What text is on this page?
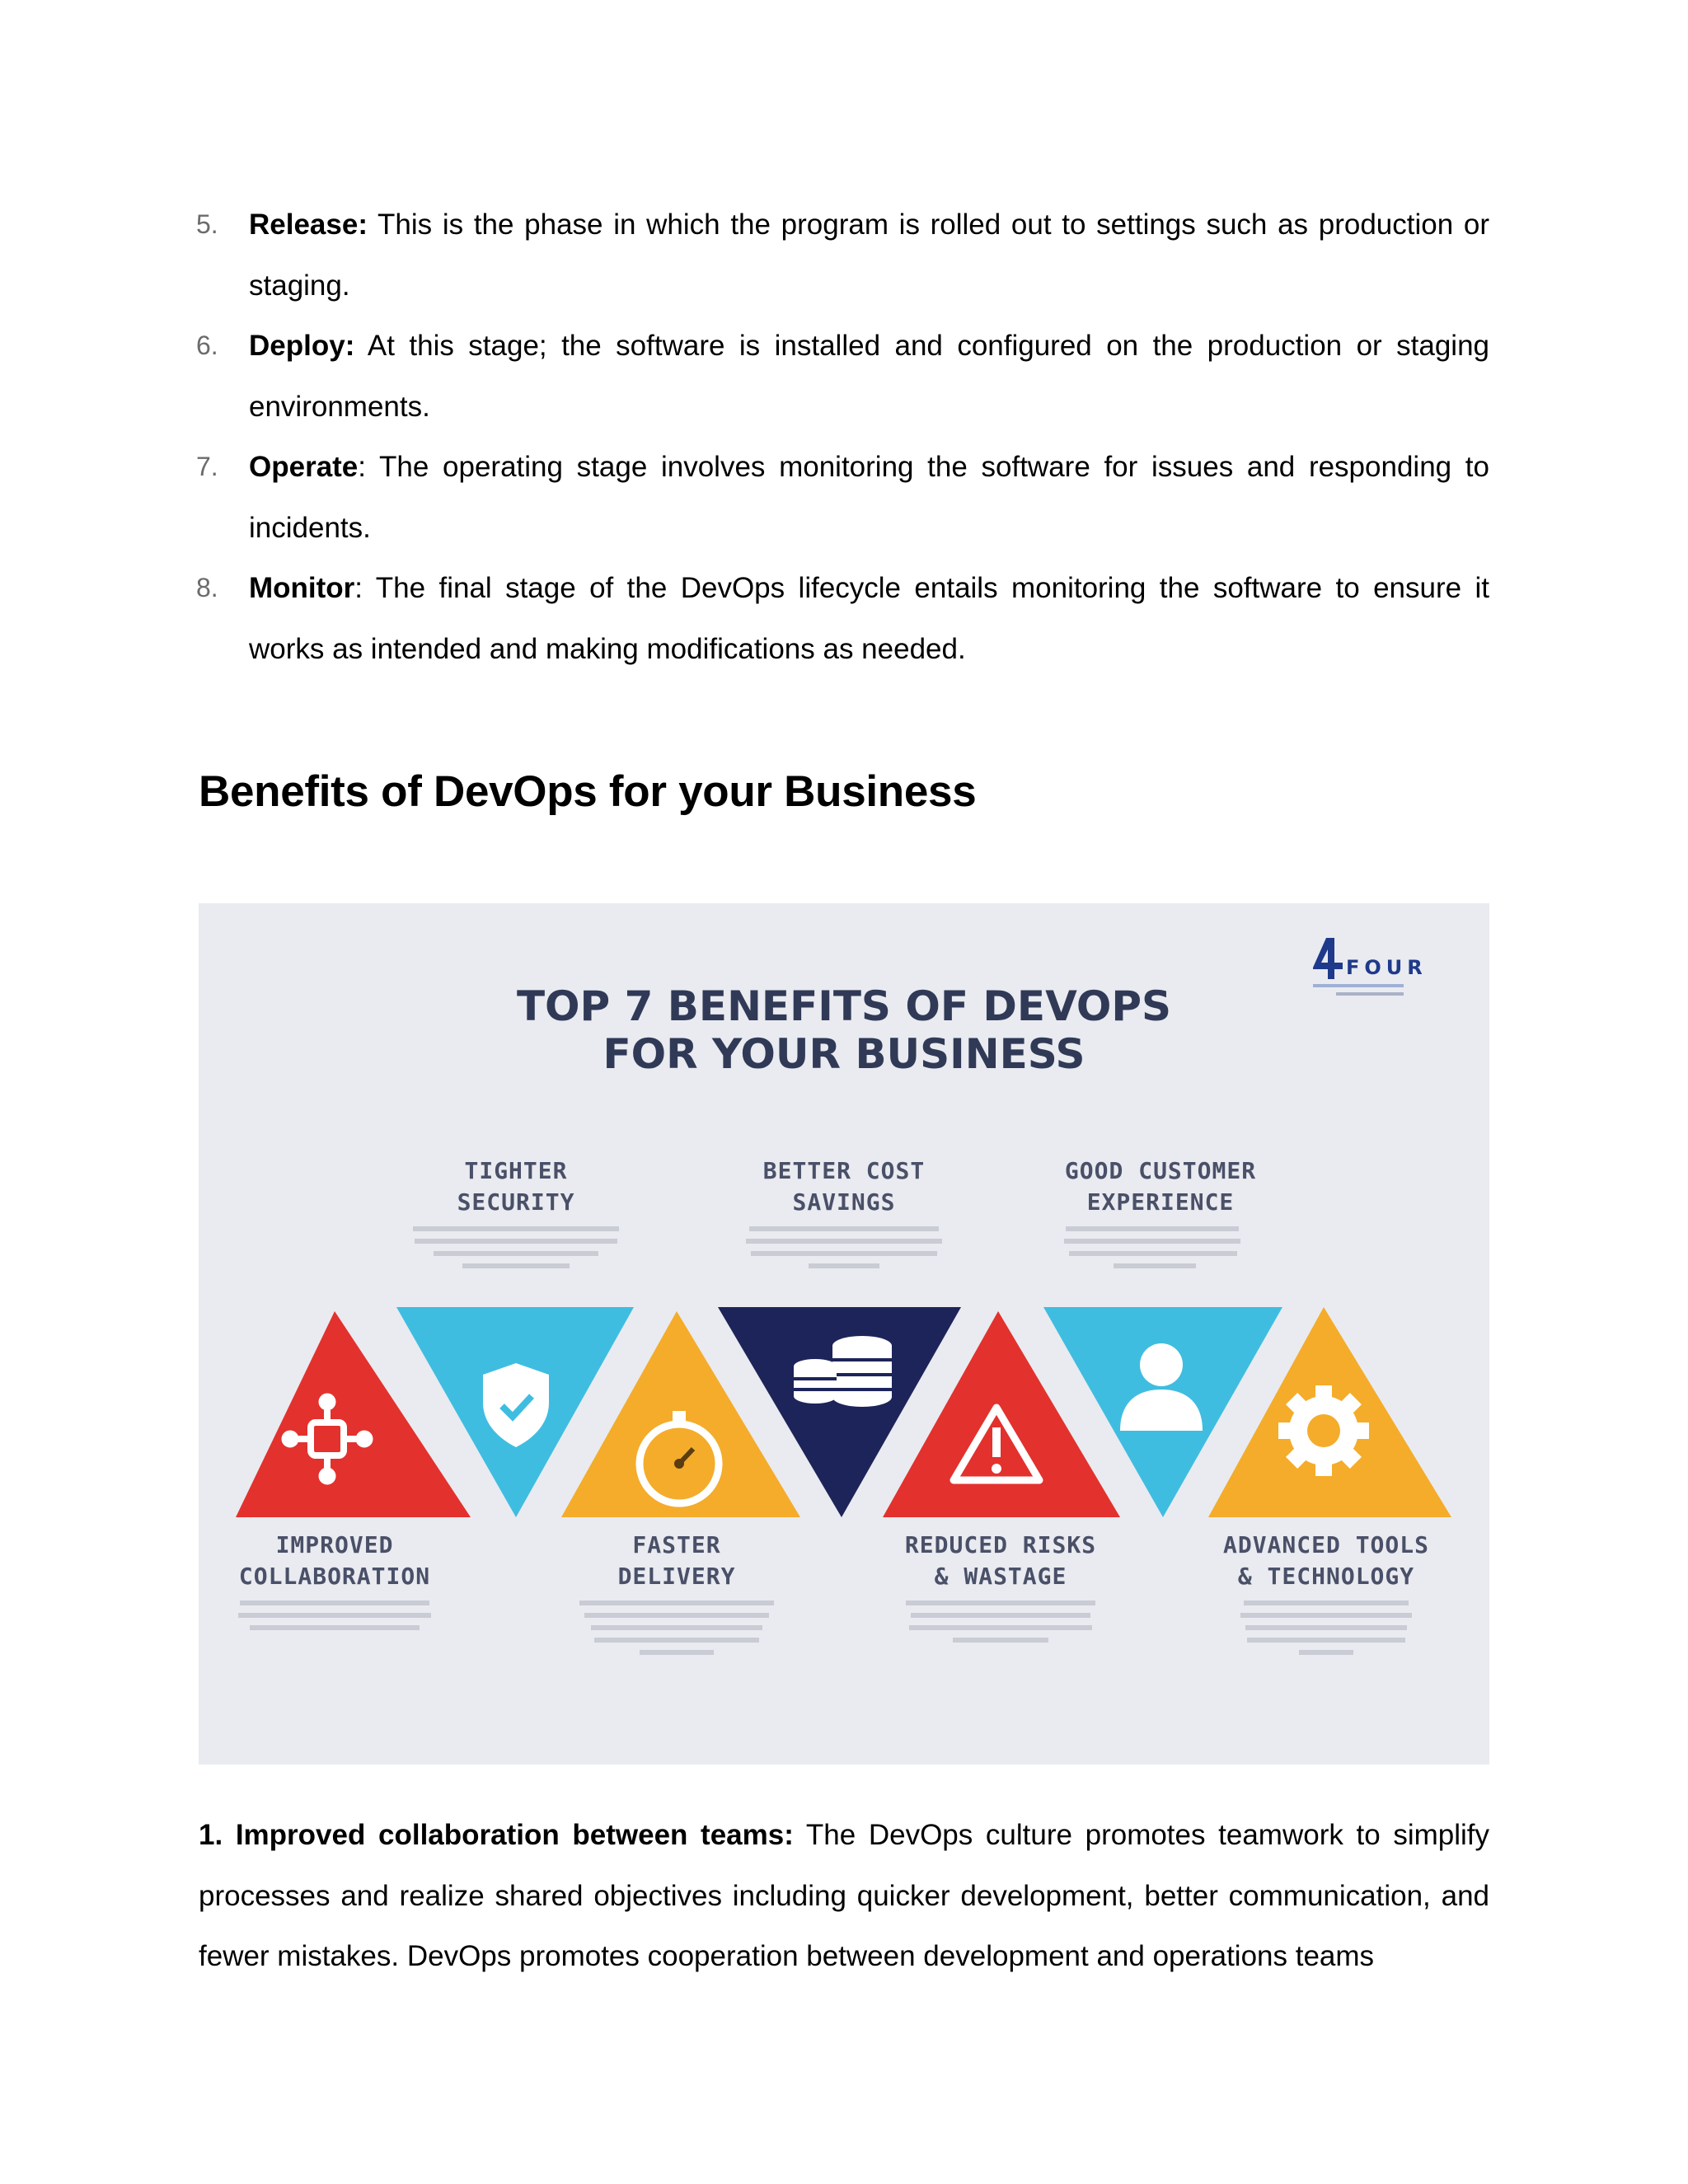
5. Release: This is the phase in which the program is rolled out to settings such as production or staging.
6. Deploy: At this stage; the software is installed and configured on the production or staging environments.
7. Operate: The operating stage involves monitoring the software for issues and responding to incidents.
8. Monitor: The final stage of the DevOps lifecycle entails monitoring the software to ensure it works as intended and making modifications as needed.
Benefits of DevOps for your Business
FOUR
TOP 7 BENEFITS OF DEVOPS
FOR YOUR BUSINESS
TIGHTER
SECURITY
BETTER COST
SAVINGS
GOOD CUSTOMER
EXPERIENCE
IMPROVED
COLLABORATION
FASTER
DELIVERY
REDUCED RISKS
& WASTAGE
ADVANCED TOOLS
& TECHNOLOGY

1. Improved collaboration between teams: The DevOps culture promotes teamwork to simplify processes and realize shared objectives including quicker development, better communication, and fewer mistakes. DevOps promotes cooperation between development and operations teams
